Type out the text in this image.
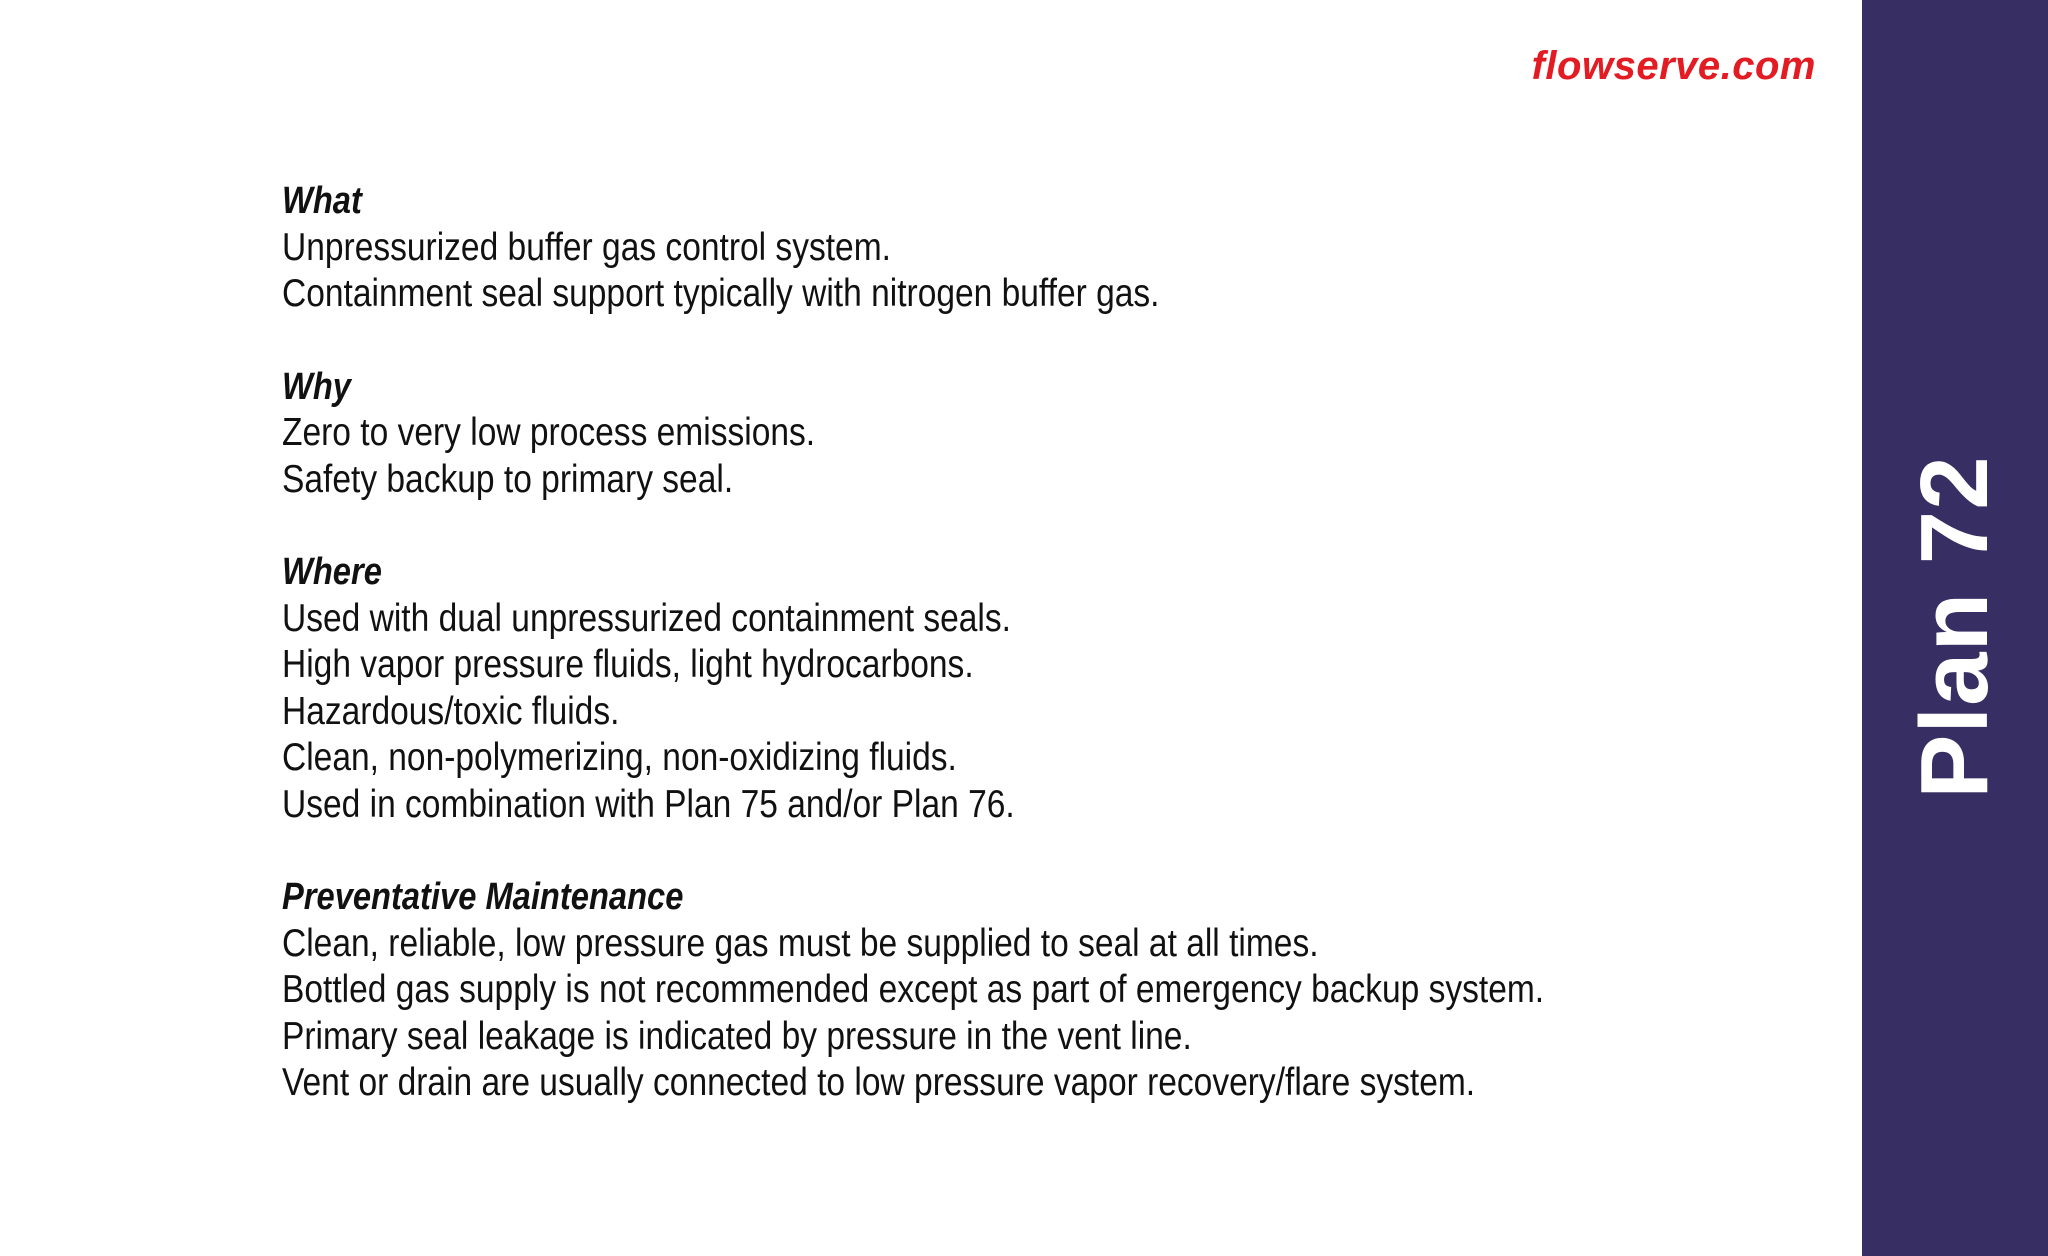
flowserve.com
Plan 72
What
Unpressurized buffer gas control system.
Containment seal support typically with nitrogen buffer gas.
Why
Zero to very low process emissions.
Safety backup to primary seal.
Where
Used with dual unpressurized containment seals.
High vapor pressure fluids, light hydrocarbons.
Hazardous/toxic fluids.
Clean, non-polymerizing, non-oxidizing fluids.
Used in combination with Plan 75 and/or Plan 76.
Preventative Maintenance
Clean, reliable, low pressure gas must be supplied to seal at all times.
Bottled gas supply is not recommended except as part of emergency backup system.
Primary seal leakage is indicated by pressure in the vent line.
Vent or drain are usually connected to low pressure vapor recovery/flare system.
